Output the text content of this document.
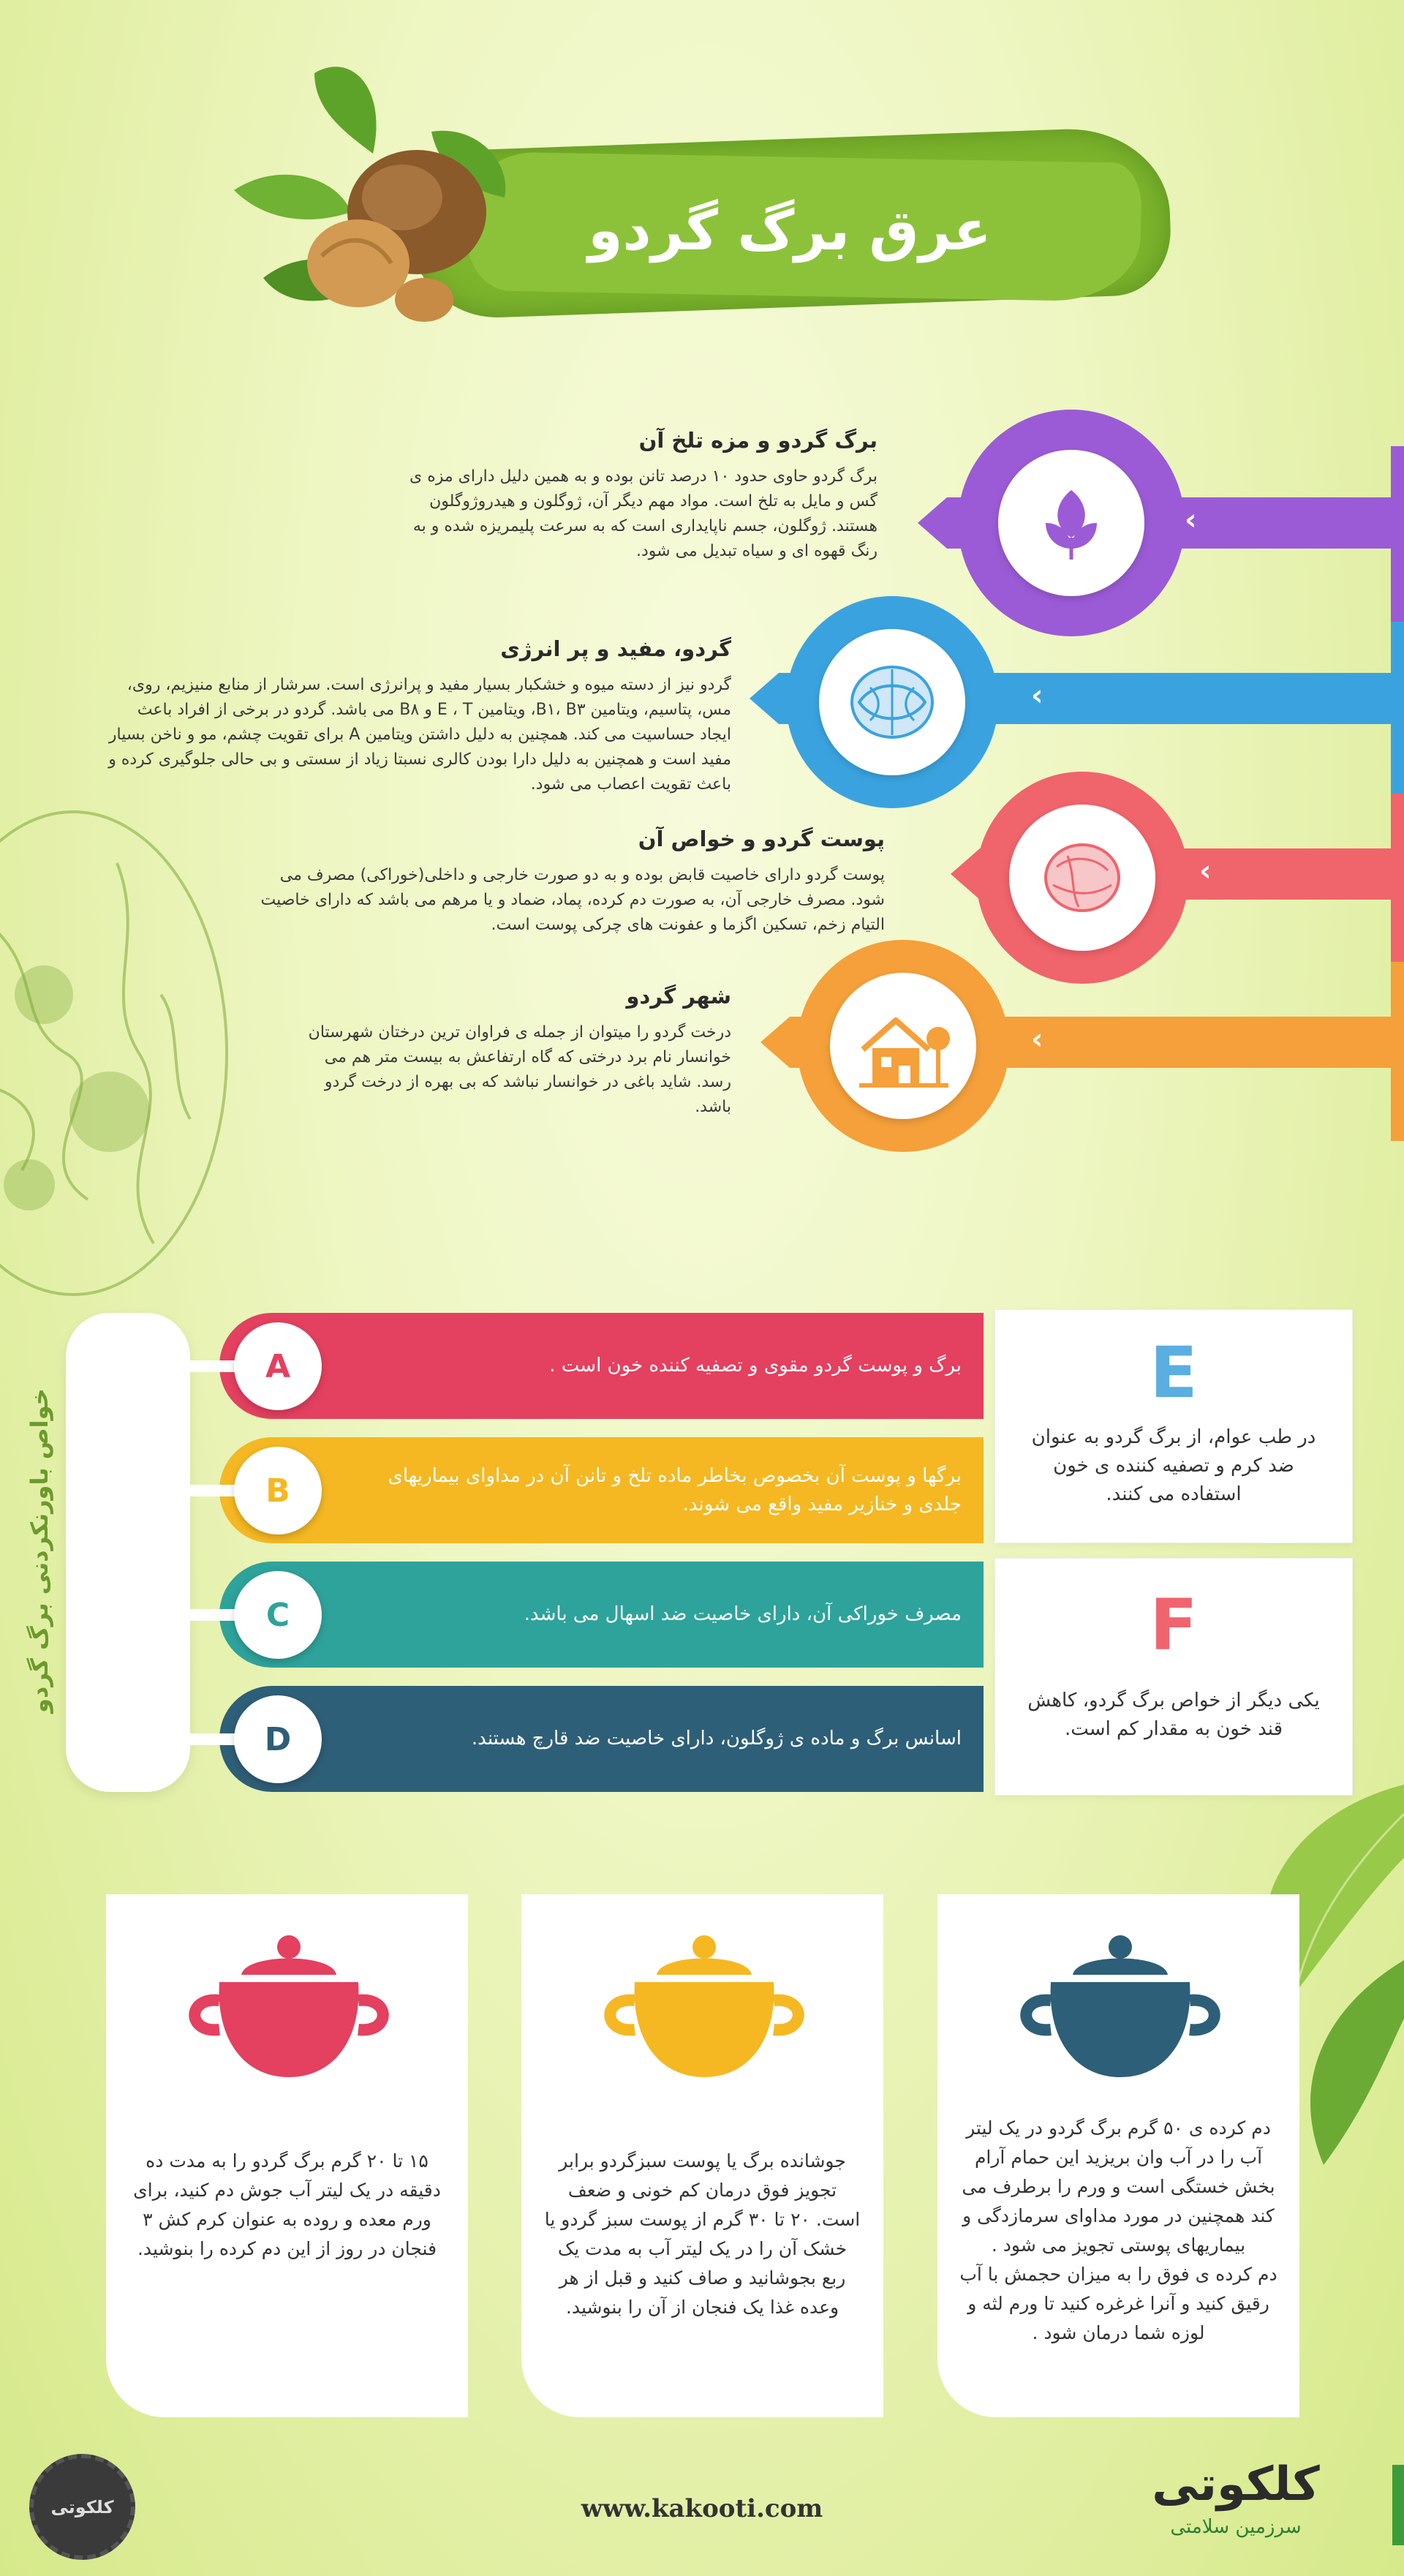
عرق برگ گردو
‹
برگ گردو و مزه تلخ آن
برگ گردو حاوی حدود ۱۰ درصد تانن بوده و به همین دلیل دارای مزه ی گس و مایل به تلخ است. مواد مهم دیگر آن، ژوگلون و هیدروژوگلون هستند. ژوگلون، جسم ناپایداری است که به سرعت پلیمریزه شده و به رنگ قهوه ای و سیاه تبدیل می شود.
‹
گردو، مفید و پر انرژی
گردو نیز از دسته میوه و خشکبار بسیار مفید و پرانرژی است. سرشار از منابع منیزیم، روی، مس، پتاسیم، ویتامین B۱، B۳، ویتامین E ، T و B۸ می باشد. گردو در برخی از افراد باعث ایجاد حساسیت می کند. همچنین به دلیل داشتن ویتامین A برای تقویت چشم، مو و ناخن بسیار مفید است و همچنین به دلیل دارا بودن کالری نسبتا زیاد از سستی و بی حالی جلوگیری کرده و باعث تقویت اعصاب می شود.
‹
پوست گردو و خواص آن
پوست گردو دارای خاصیت قابض بوده و به دو صورت خارجی و داخلی(خوراکی) مصرف می شود. مصرف خارجی آن، به صورت دم کرده، پماد، ضماد و یا مرهم می باشد که دارای خاصیت التیام زخم، تسکین اگزما و عفونت های چرکی پوست است.
‹
شهر گردو
درخت گردو را میتوان از جمله ی فراوان ترین درختان شهرستان خوانسار نام برد درختی که گاه ارتفاعش به بیست متر هم می رسد. شاید باغی در خوانسار نباشد که بی بهره از درخت گردو باشد.
خواص باورنکردنی برگ گردو
برگ و پوست گردو مقوی و تصفیه کننده خون است .
A
برگها و پوست آن بخصوص بخاطر ماده تلخ و تانن آن در مداوای بیماریهای جلدی و خنازیر مفید واقع می شوند.
B
مصرف خوراکی آن، دارای خاصیت ضد اسهال می باشد.
C
اسانس برگ و ماده ی ژوگلون، دارای خاصیت ضد قارچ هستند.
D
E
در طب عوام، از برگ گردو به عنوان ضد کرم و تصفیه کننده ی خون استفاده می کنند.
F
یکی دیگر از خواص برگ گردو، کاهش قند خون به مقدار کم است.
۱۵ تا ۲۰ گرم برگ گردو را به مدت ده دقیقه در یک لیتر آب جوش دم کنید، برای ورم معده و روده به عنوان کرم کش ۳ فنجان در روز از این دم کرده را بنوشید.
جوشانده برگ یا پوست سبزگردو برابر تجویز فوق درمان کم خونی و ضعف است. ۲۰ تا ۳۰ گرم از پوست سبز گردو یا خشک آن را در یک لیتر آب به مدت یک ربع بجوشانید و صاف کنید و قبل از هر وعده غذا یک فنجان از آن را بنوشید.
دم کرده ی ۵۰ گرم برگ گردو در یک لیتر آب را در آب وان بریزید این حمام آرام بخش خستگی است و ورم را برطرف می کند همچنین در مورد مداوای سرمازدگی و بیماریهای پوستی تجویز می شود .
دم کرده ی فوق را به میزان حجمش با آب رقیق کنید و آنرا غرغره کنید تا ورم لثه و لوزه شما درمان شود .
کلکوتی	www.kakooti.com	کلکوتی
سرزمین سلامتی
